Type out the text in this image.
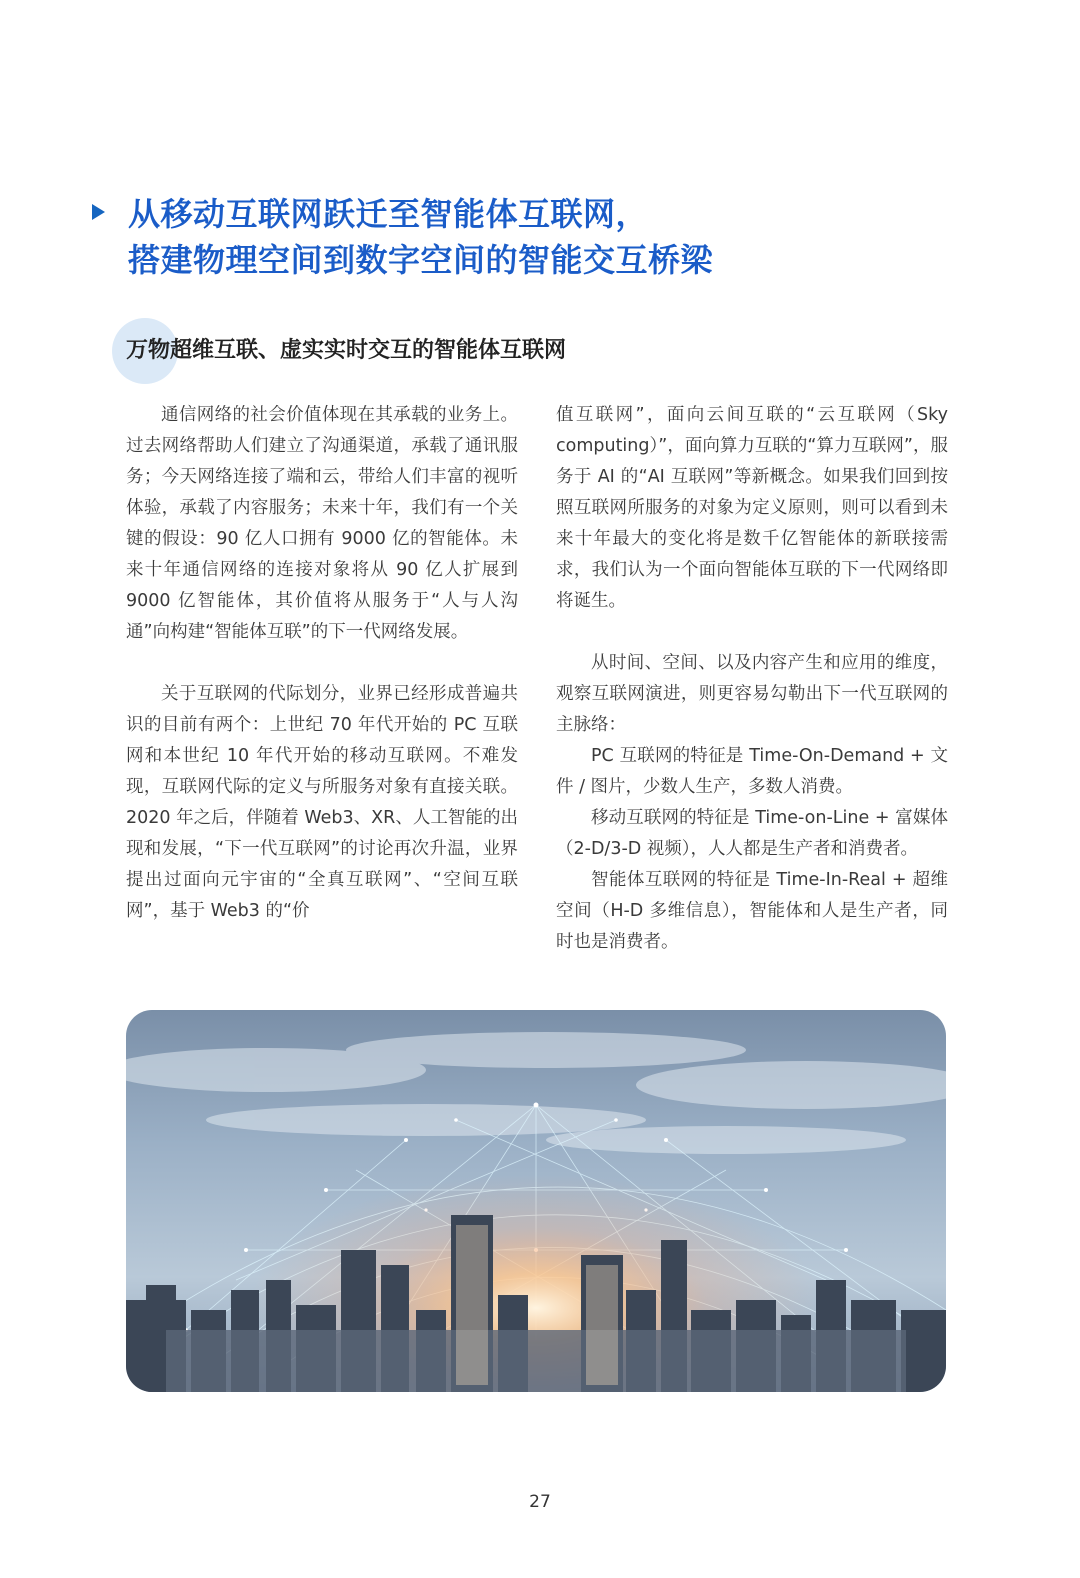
从移动互联网跃迁至智能体互联网，
搭建物理空间到数字空间的智能交互桥梁
万物超维互联、虚实实时交互的智能体互联网

通信网络的社会价值体现在其承载的业务上。过去网络帮助人们建立了沟通渠道，承载了通讯服务；今天网络连接了端和云，带给人们丰富的视听体验，承载了内容服务；未来十年，我们有一个关键的假设：90 亿人口拥有 9000 亿的智能体。未来十年通信网络的连接对象将从 90 亿人扩展到 9000 亿智能体，其价值将从服务于“人与人沟通”向构建“智能体互联”的下一代网络发展。

关于互联网的代际划分，业界已经形成普遍共识的目前有两个：上世纪 70 年代开始的 PC 互联网和本世纪 10 年代开始的移动互联网。不难发现，互联网代际的定义与所服务对象有直接关联。2020 年之后，伴随着 Web3、XR、人工智能的出现和发展，“下一代互联网”的讨论再次升温，业界提出过面向元宇宙的“全真互联网”、“空间互联网”，基于 Web3 的“价

值互联网”，面向云间互联的“云互联网（Sky computing）”，面向算力互联的“算力互联网”，服务于 AI 的“AI 互联网”等新概念。如果我们回到按照互联网所服务的对象为定义原则，则可以看到未来十年最大的变化将是数千亿智能体的新联接需求，我们认为一个面向智能体互联的下一代网络即将诞生。

从时间、空间、以及内容产生和应用的维度，观察互联网演进，则更容易勾勒出下一代互联网的主脉络：

PC 互联网的特征是 Time-On-Demand + 文件 / 图片，少数人生产，多数人消费。

移动互联网的特征是 Time-on-Line + 富媒体（2-D/3-D 视频），人人都是生产者和消费者。

智能体互联网的特征是 Time-In-Real + 超维空间（H-D 多维信息），智能体和人是生产者，同时也是消费者。

27
